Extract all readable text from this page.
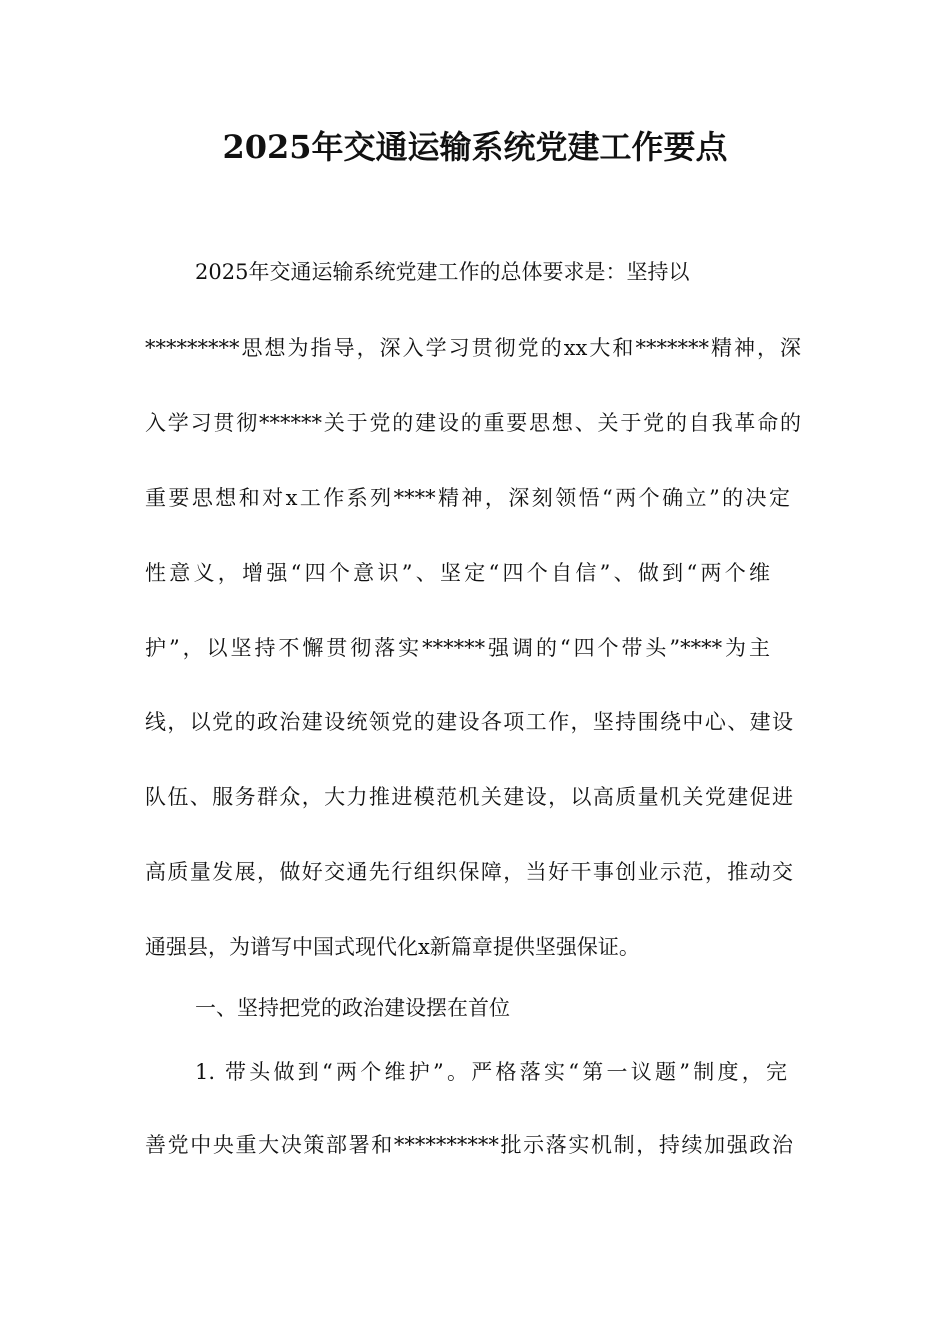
2025年交通运输系统党建工作要点
2025年交通运输系统党建工作的总体要求是：坚持以
*********思想为指导，深入学习贯彻党的xx大和*******精神，深
入学习贯彻******关于党的建设的重要思想、关于党的自我革命的
重要思想和对x工作系列****精神，深刻领悟“两个确立”的决定
性意义，增强“四个意识”、坚定“四个自信”、做到“两个维
护”，以坚持不懈贯彻落实******强调的“四个带头”****为主
线，以党的政治建设统领党的建设各项工作，坚持围绕中心、建设
队伍、服务群众，大力推进模范机关建设，以高质量机关党建促进
高质量发展，做好交通先行组织保障，当好干事创业示范，推动交
通强县，为谱写中国式现代化x新篇章提供坚强保证。
一、坚持把党的政治建设摆在首位
1. 带头做到“两个维护”。严格落实“第一议题”制度，完
善党中央重大决策部署和**********批示落实机制，持续加强政治
